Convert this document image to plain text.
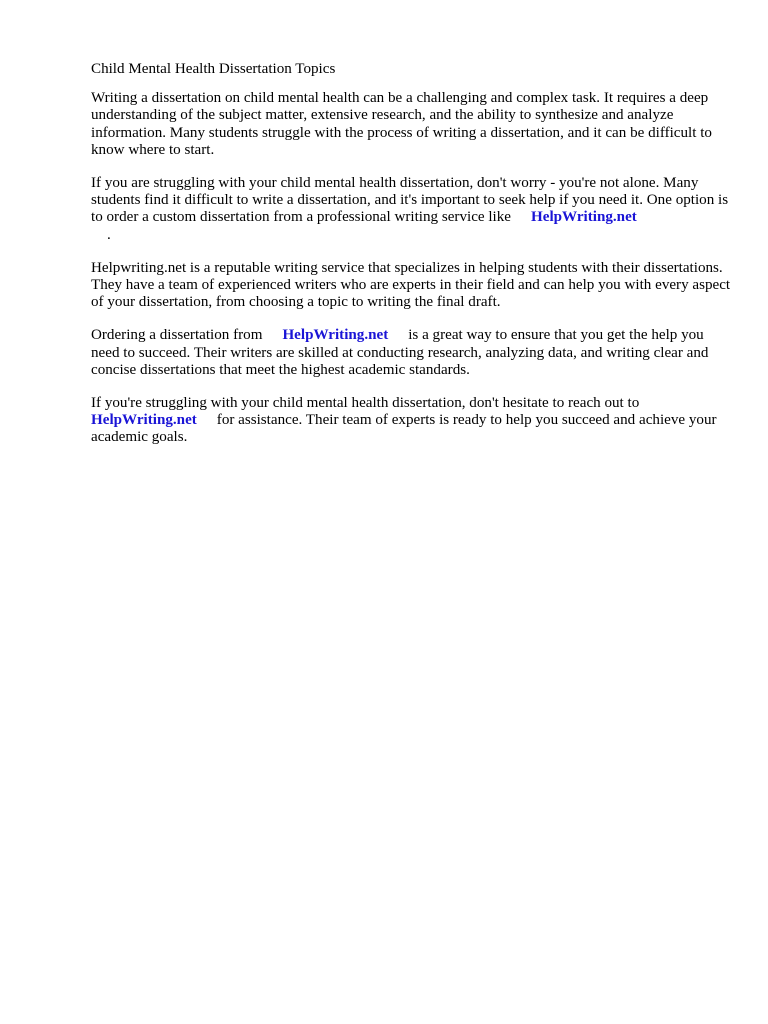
Child Mental Health Dissertation Topics

Writing a dissertation on child mental health can be a challenging and complex task. It requires a deep understanding of the subject matter, extensive research, and the ability to synthesize and analyze information. Many students struggle with the process of writing a dissertation, and it can be difficult to know where to start.

If you are struggling with your child mental health dissertation, don't worry - you're not alone. Many students find it difficult to write a dissertation, and it's important to seek help if you need it. One option is to order a custom dissertation from a professional writing service like HelpWriting.net
.

Helpwriting.net is a reputable writing service that specializes in helping students with their dissertations. They have a team of experienced writers who are experts in their field and can help you with every aspect of your dissertation, from choosing a topic to writing the final draft.

Ordering a dissertation from HelpWriting.net is a great way to ensure that you get the help you need to succeed. Their writers are skilled at conducting research, analyzing data, and writing clear and concise dissertations that meet the highest academic standards.

If you're struggling with your child mental health dissertation, don't hesitate to reach out to HelpWriting.net for assistance. Their team of experts is ready to help you succeed and achieve your academic goals.
